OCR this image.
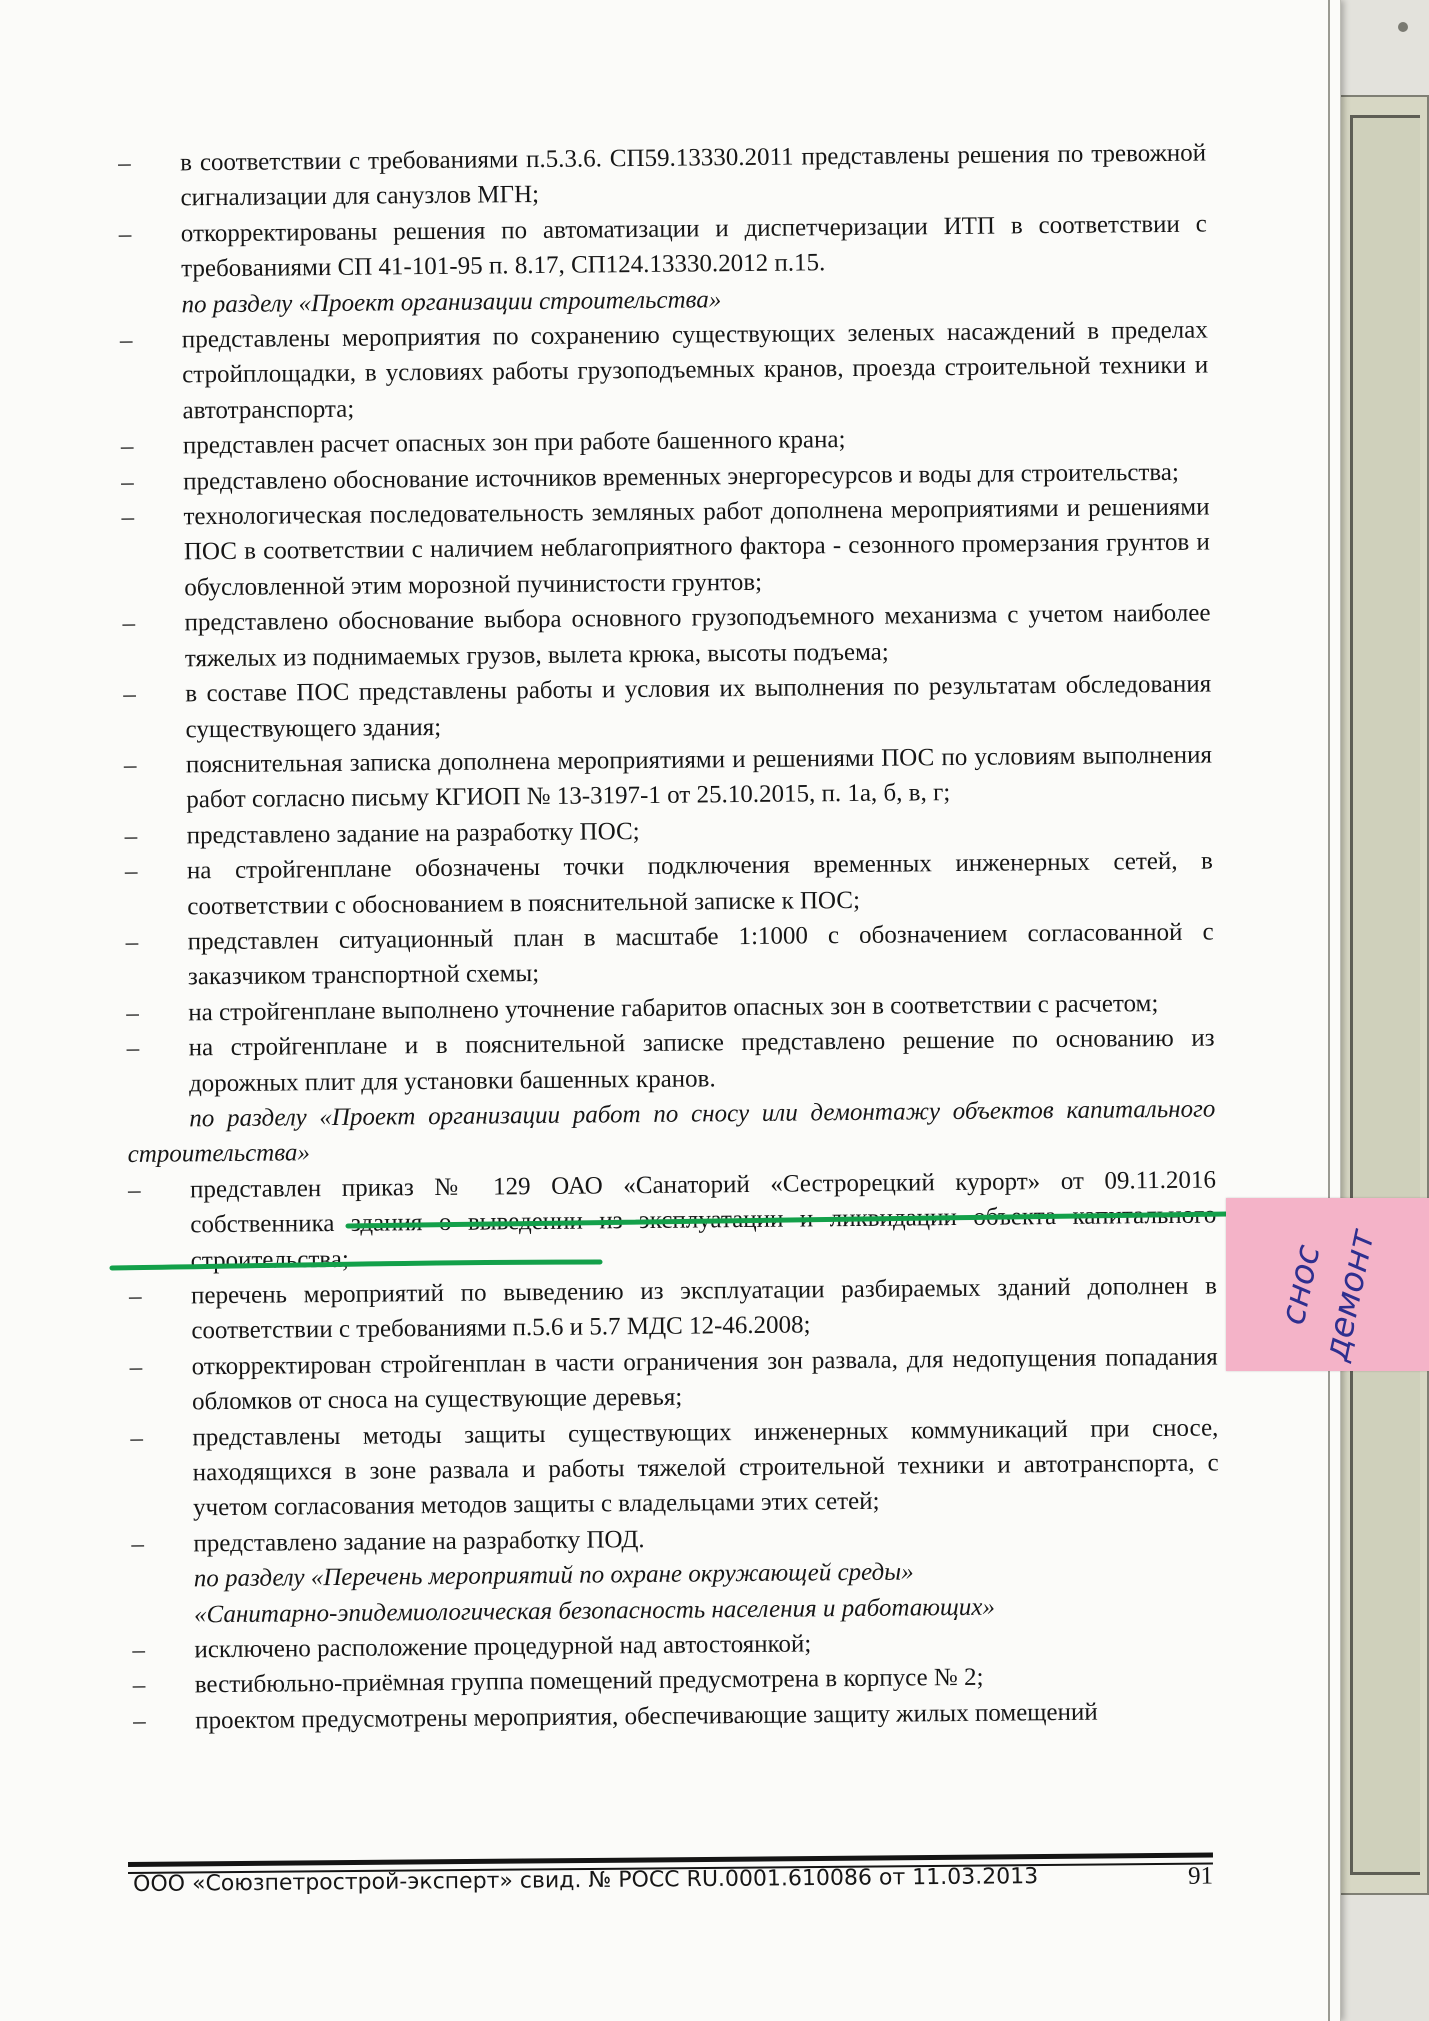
–	в соответствии с требованиями п.5.3.6. СП59.13330.2011 представлены решения по тревожной сигнализации для санузлов МГН;
–	откорректированы решения по автоматизации и диспетчеризации ИТП в соответствии с требованиями СП 41-101-95 п. 8.17, СП124.13330.2012 п.15.
по разделу «Проект организации строительства»
–	представлены мероприятия по сохранению существующих зеленых насаждений в пределах стройплощадки, в условиях работы грузоподъемных кранов, проезда строительной техники и автотранспорта;
–	представлен расчет опасных зон при работе башенного крана;
–	представлено обоснование источников временных энергоресурсов и воды для строительства;
–	технологическая последовательность земляных работ дополнена мероприятиями и решениями ПОС в соответствии с наличием неблагоприятного фактора - сезонного промерзания грунтов и обусловленной этим морозной пучинистости грунтов;
–	представлено обоснование выбора основного грузоподъемного механизма с учетом наиболее тяжелых из поднимаемых грузов, вылета крюка, высоты подъема;
–	в составе ПОС представлены работы и условия их выполнения по результатам обследования существующего здания;
–	пояснительная записка дополнена мероприятиями и решениями ПОС по условиям выполнения работ согласно письму КГИОП № 13-3197-1 от 25.10.2015, п. 1а, б, в, г;
–	представлено задание на разработку ПОС;
–	на стройгенплане обозначены точки подключения временных инженерных сетей, в соответствии с обоснованием в пояснительной записке к ПОС;
–	представлен ситуационный план в масштабе 1:1000 с обозначением согласованной с заказчиком транспортной схемы;
–	на стройгенплане выполнено уточнение габаритов опасных зон в соответствии с расчетом;
–	на стройгенплане и в пояснительной записке представлено решение по основанию из дорожных плит для установки башенных кранов.
по разделу «Проект организации работ по сносу или демонтажу объектов капитального строительства»
–	представлен приказ № 129 ОАО «Санаторий «Сестрорецкий курорт» от 09.11.2016 собственника здания о выведении из эксплуатации и ликвидации объекта капитального строительства;
–	перечень мероприятий по выведению из эксплуатации разбираемых зданий дополнен в соответствии с требованиями п.5.6 и 5.7 МДС 12-46.2008;
–	откорректирован стройгенплан в части ограничения зон развала, для недопущения попадания обломков от сноса на существующие деревья;
–	представлены методы защиты существующих инженерных коммуникаций при сносе, находящихся в зоне развала и работы тяжелой строительной техники и автотранспорта, с учетом согласования методов защиты с владельцами этих сетей;
–	представлено задание на разработку ПОД.
по разделу «Перечень мероприятий по охране окружающей среды»
«Санитарно-эпидемиологическая безопасность населения и работающих»
–	исключено расположение процедурной над автостоянкой;
–	вестибюльно-приёмная группа помещений предусмотрена в корпусе № 2;
–	проектом предусмотрены мероприятия, обеспечивающие защиту жилых помещений
снос
демонт
ООО «Союзпетрострой-эксперт» свид. № РОСС RU.0001.610086 от 11.03.2013	91
